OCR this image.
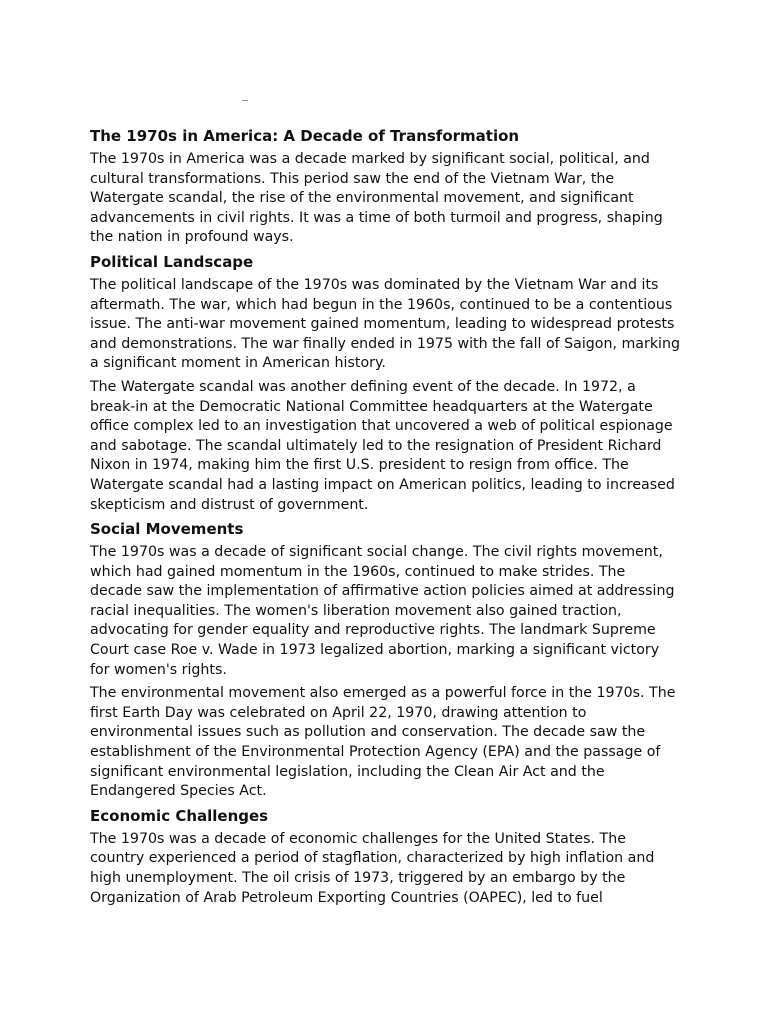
The 1970s in America: A Decade of Transformation

The 1970s in America was a decade marked by significant social, political, and cultural transformations. This period saw the end of the Vietnam War, the Watergate scandal, the rise of the environmental movement, and significant advancements in civil rights. It was a time of both turmoil and progress, shaping the nation in profound ways.

Political Landscape

The political landscape of the 1970s was dominated by the Vietnam War and its aftermath. The war, which had begun in the 1960s, continued to be a contentious issue. The anti-war movement gained momentum, leading to widespread protests and demonstrations. The war finally ended in 1975 with the fall of Saigon, marking a significant moment in American history.

The Watergate scandal was another defining event of the decade. In 1972, a break-in at the Democratic National Committee headquarters at the Watergate office complex led to an investigation that uncovered a web of political espionage and sabotage. The scandal ultimately led to the resignation of President Richard Nixon in 1974, making him the first U.S. president to resign from office. The Watergate scandal had a lasting impact on American politics, leading to increased skepticism and distrust of government.

Social Movements

The 1970s was a decade of significant social change. The civil rights movement, which had gained momentum in the 1960s, continued to make strides. The decade saw the implementation of affirmative action policies aimed at addressing racial inequalities. The women's liberation movement also gained traction, advocating for gender equality and reproductive rights. The landmark Supreme Court case Roe v. Wade in 1973 legalized abortion, marking a significant victory for women's rights.

The environmental movement also emerged as a powerful force in the 1970s. The first Earth Day was celebrated on April 22, 1970, drawing attention to environmental issues such as pollution and conservation. The decade saw the establishment of the Environmental Protection Agency (EPA) and the passage of significant environmental legislation, including the Clean Air Act and the Endangered Species Act.

Economic Challenges

The 1970s was a decade of economic challenges for the United States. The country experienced a period of stagflation, characterized by high inflation and high unemployment. The oil crisis of 1973, triggered by an embargo by the Organization of Arab Petroleum Exporting Countries (OAPEC), led to fuel
